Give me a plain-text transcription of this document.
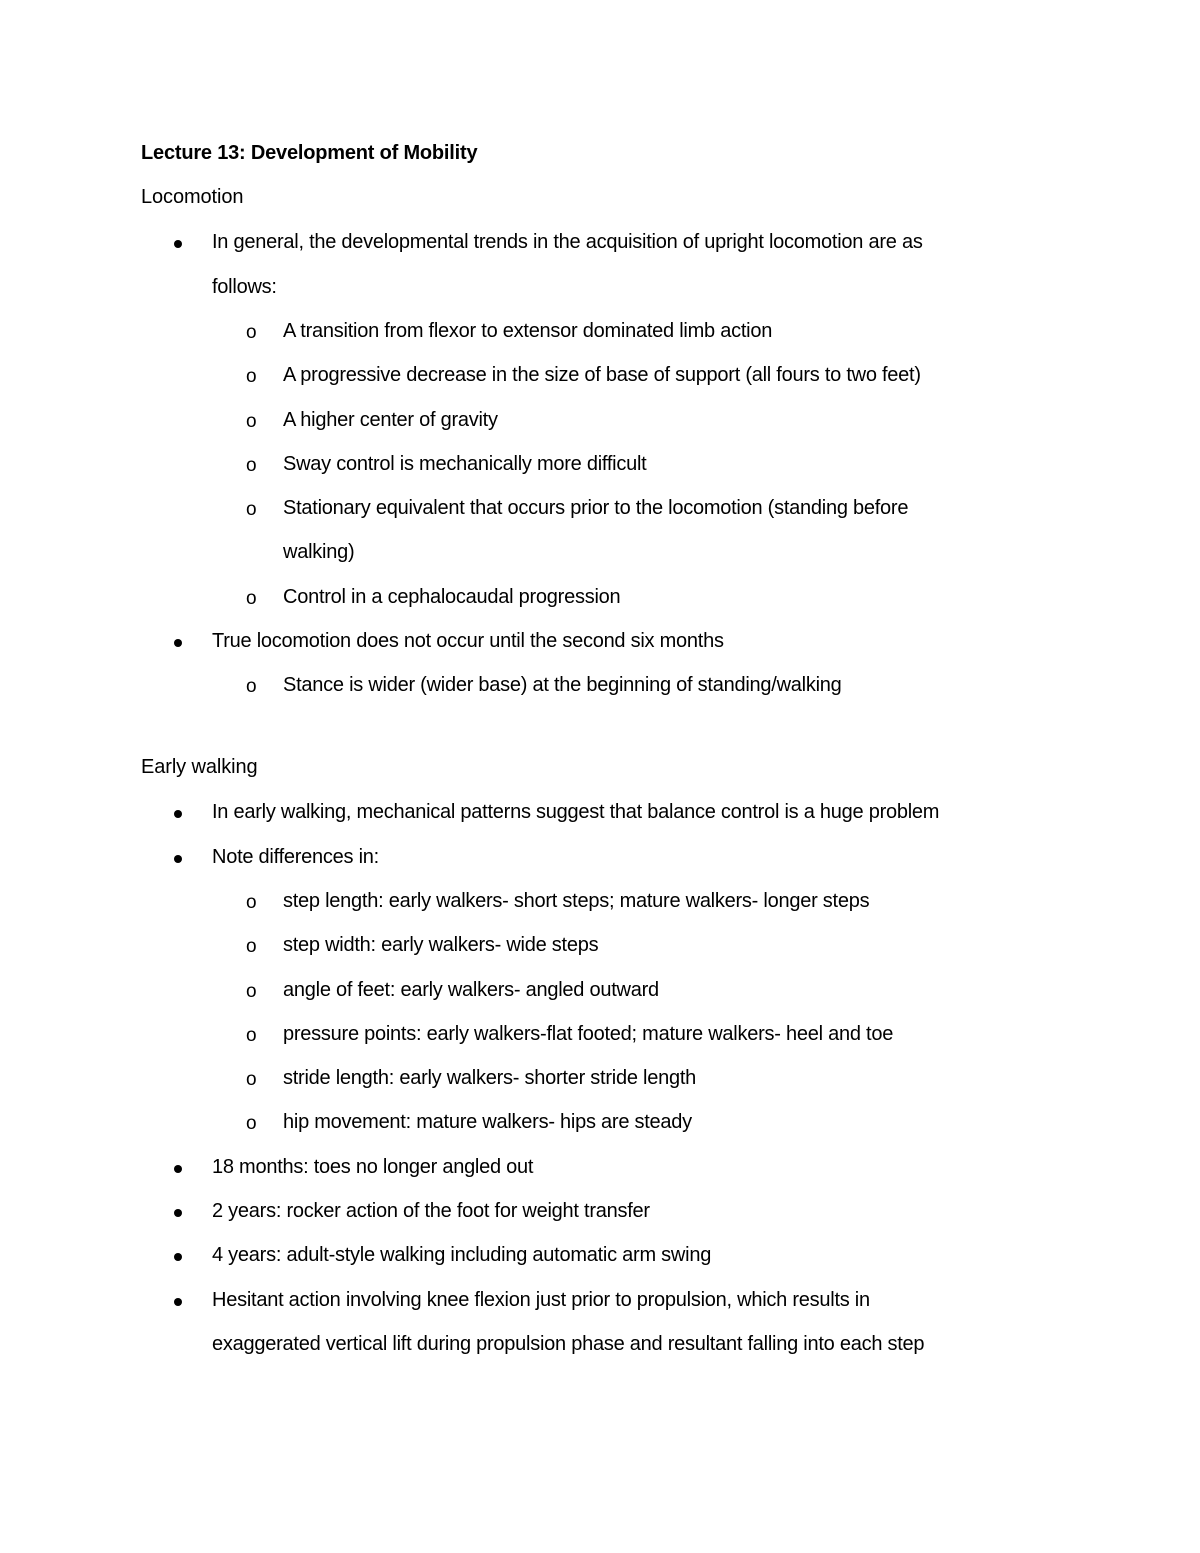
Lecture 13: Development of Mobility
Locomotion
In general, the developmental trends in the acquisition of upright locomotion are as
follows:
o A transition from flexor to extensor dominated limb action
o A progressive decrease in the size of base of support (all fours to two feet)
o A higher center of gravity
o Sway control is mechanically more difficult
o Stationary equivalent that occurs prior to the locomotion (standing before
walking)
o Control in a cephalocaudal progression
True locomotion does not occur until the second six months
o Stance is wider (wider base) at the beginning of standing/walking
Early walking
In early walking, mechanical patterns suggest that balance control is a huge problem
Note differences in:
o step length: early walkers- short steps; mature walkers- longer steps
o step width: early walkers- wide steps
o angle of feet: early walkers- angled outward
o pressure points: early walkers-flat footed; mature walkers- heel and toe
o stride length: early walkers- shorter stride length
o hip movement: mature walkers- hips are steady
18 months: toes no longer angled out
2 years: rocker action of the foot for weight transfer
4 years: adult-style walking including automatic arm swing
Hesitant action involving knee flexion just prior to propulsion, which results in
exaggerated vertical lift during propulsion phase and resultant falling into each step
